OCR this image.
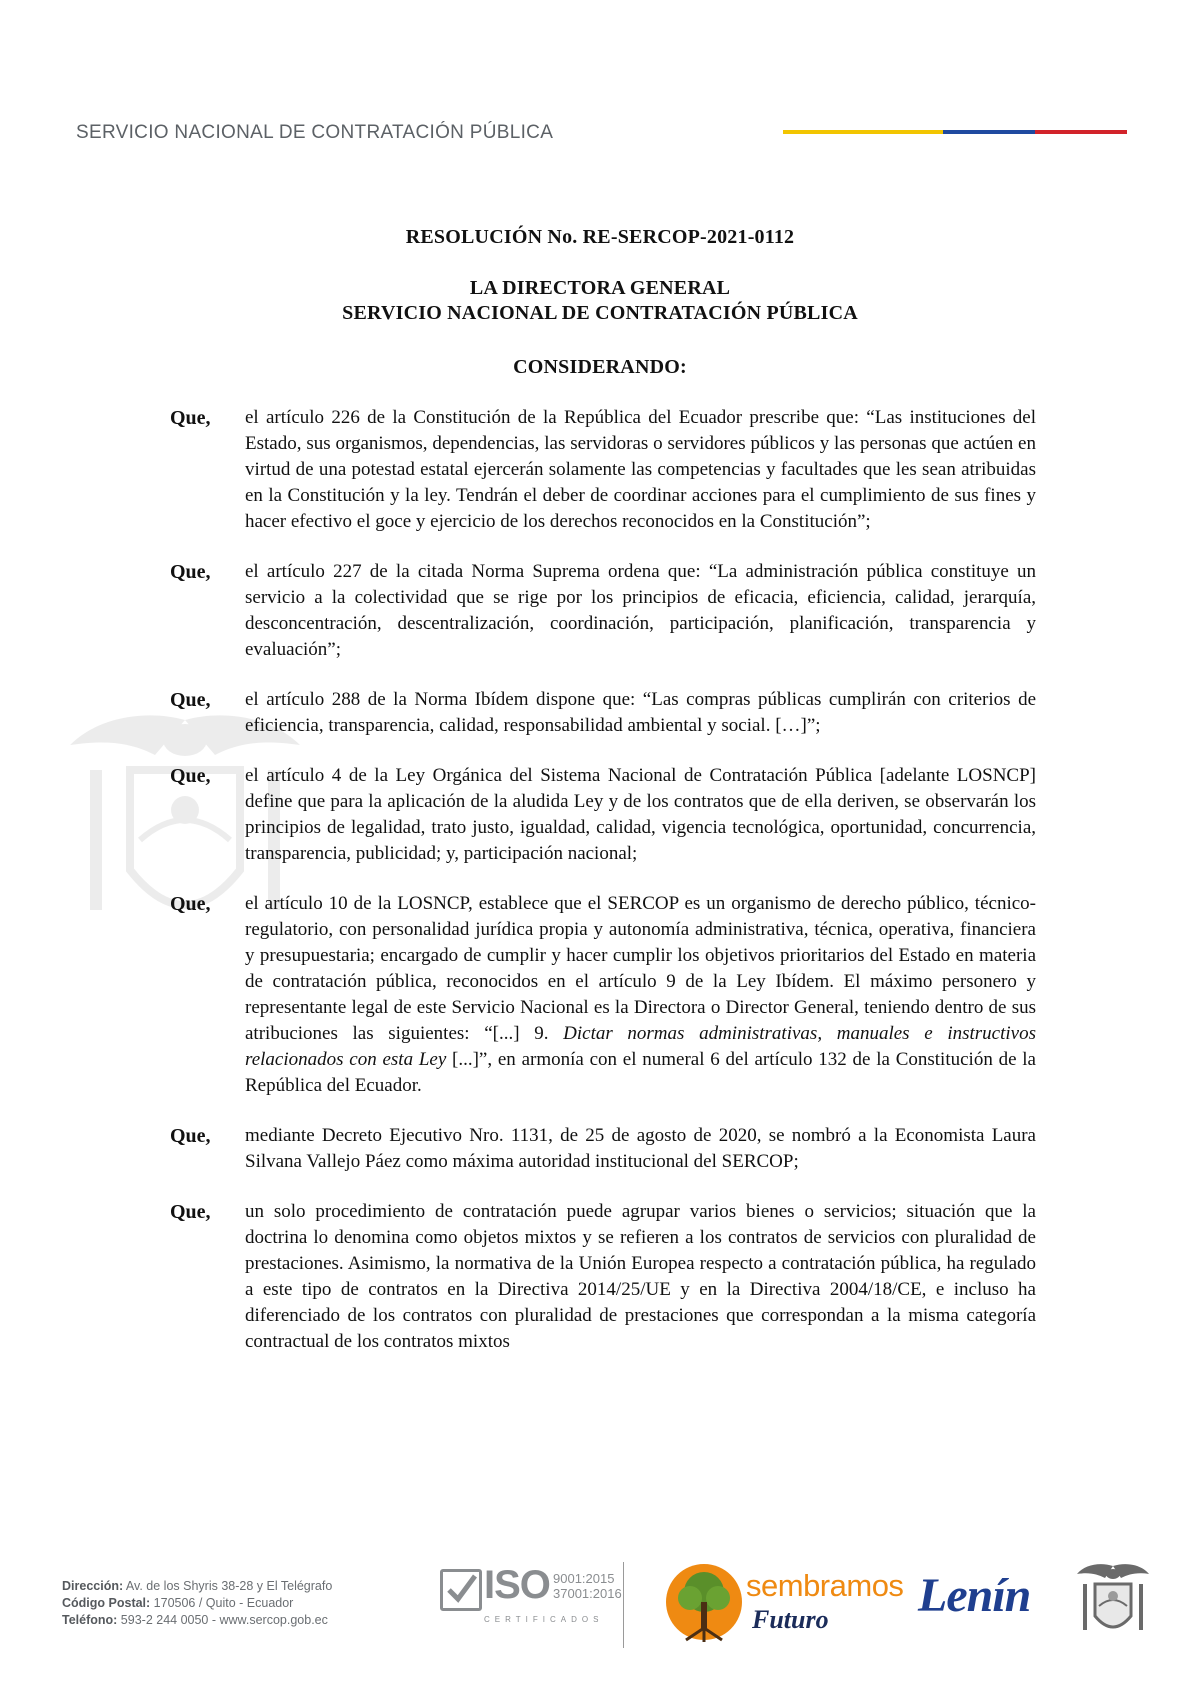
SERVICIO NACIONAL DE CONTRATACIÓN PÚBLICA
RESOLUCIÓN No. RE-SERCOP-2021-0112
LA DIRECTORA GENERAL
SERVICIO NACIONAL DE CONTRATACIÓN PÚBLICA
CONSIDERANDO:
Que,	el artículo 226 de la Constitución de la República del Ecuador prescribe que: “Las instituciones del Estado, sus organismos, dependencias, las servidoras o servidores públicos y las personas que actúen en virtud de una potestad estatal ejercerán solamente las competencias y facultades que les sean atribuidas en la Constitución y la ley. Tendrán el deber de coordinar acciones para el cumplimiento de sus fines y hacer efectivo el goce y ejercicio de los derechos reconocidos en la Constitución”;
Que,	el artículo 227 de la citada Norma Suprema ordena que: “La administración pública constituye un servicio a la colectividad que se rige por los principios de eficacia, eficiencia, calidad, jerarquía, desconcentración, descentralización, coordinación, participación, planificación, transparencia y evaluación”;
Que,	el artículo 288 de la Norma Ibídem dispone que: “Las compras públicas cumplirán con criterios de eficiencia, transparencia, calidad, responsabilidad ambiental y social. […]”;
Que,	el artículo 4 de la Ley Orgánica del Sistema Nacional de Contratación Pública [adelante LOSNCP] define que para la aplicación de la aludida Ley y de los contratos que de ella deriven, se observarán los principios de legalidad, trato justo, igualdad, calidad, vigencia tecnológica, oportunidad, concurrencia, transparencia, publicidad; y, participación nacional;
Que,	el artículo 10 de la LOSNCP, establece que el SERCOP es un organismo de derecho público, técnico-regulatorio, con personalidad jurídica propia y autonomía administrativa, técnica, operativa, financiera y presupuestaria; encargado de cumplir y hacer cumplir los objetivos prioritarios del Estado en materia de contratación pública, reconocidos en el artículo 9 de la Ley Ibídem. El máximo personero y representante legal de este Servicio Nacional es la Directora o Director General, teniendo dentro de sus atribuciones las siguientes: “[...] 9. Dictar normas administrativas, manuales e instructivos relacionados con esta Ley [...]”, en armonía con el numeral 6 del artículo 132 de la Constitución de la República del Ecuador.
Que,	mediante Decreto Ejecutivo Nro. 1131, de 25 de agosto de 2020, se nombró a la Economista Laura Silvana Vallejo Páez como máxima autoridad institucional del SERCOP;
Que,	un solo procedimiento de contratación puede agrupar varios bienes o servicios; situación que la doctrina lo denomina como objetos mixtos y se refieren a los contratos de servicios con pluralidad de prestaciones. Asimismo, la normativa de la Unión Europea respecto a contratación pública, ha regulado a este tipo de contratos en la Directiva 2014/25/UE y en la Directiva 2004/18/CE, e incluso ha diferenciado de los contratos con pluralidad de prestaciones que correspondan a la misma categoría contractual de los contratos mixtos
Dirección: Av. de los Shyris 38-28 y El Telégrafo
Código Postal: 170506 / Quito - Ecuador
Teléfono: 593-2 244 0050 - www.sercop.gob.ec
ISO 9001:2015
37001:2016
CERTIFICADOS
sembramos
Futuro Lenín
